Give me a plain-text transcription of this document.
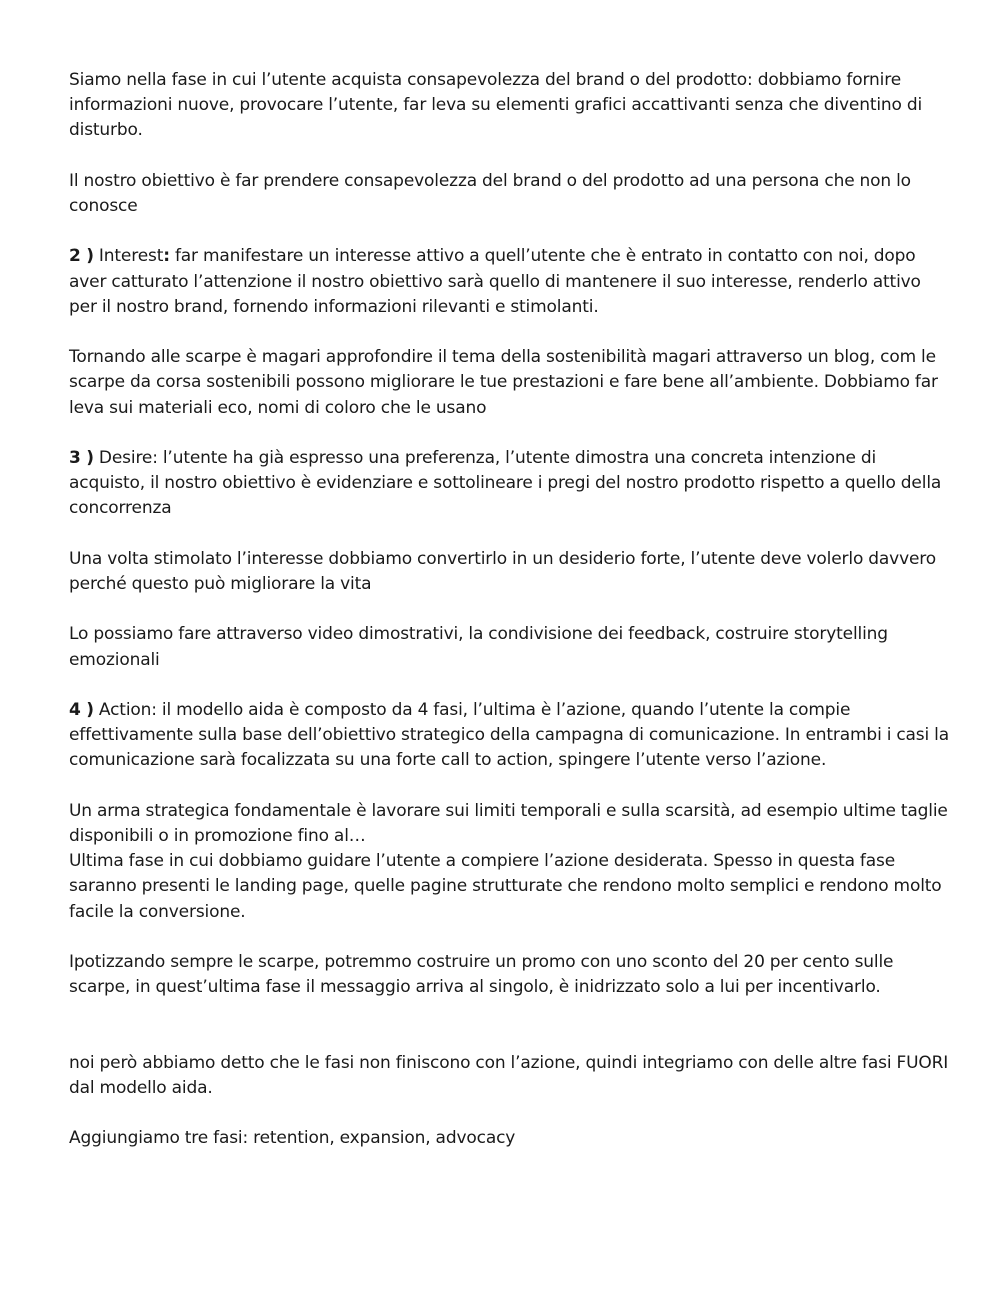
Siamo nella fase in cui l’utente acquista consapevolezza del brand o del prodotto: dobbiamo fornire informazioni nuove, provocare l’utente, far leva su elementi grafici accattivanti senza che diventino di disturbo.

Il nostro obiettivo è far prendere consapevolezza del brand o del prodotto ad una persona che non lo conosce

2 ) Interest: far manifestare un interesse attivo a quell’utente che è entrato in contatto con noi, dopo aver catturato l’attenzione il nostro obiettivo sarà quello di mantenere il suo interesse, renderlo attivo per il nostro brand, fornendo informazioni rilevanti e stimolanti.

Tornando alle scarpe è magari approfondire il tema della sostenibilità magari attraverso un blog, com le scarpe da corsa sostenibili possono migliorare le tue prestazioni e fare bene all’ambiente. Dobbiamo far leva sui materiali eco, nomi di coloro che le usano

3 ) Desire: l’utente ha già espresso una preferenza, l’utente dimostra una concreta intenzione di acquisto, il nostro obiettivo è evidenziare e sottolineare i pregi del nostro prodotto rispetto a quello della concorrenza

Una volta stimolato l’interesse dobbiamo convertirlo in un desiderio forte, l’utente deve volerlo davvero perché questo può migliorare la vita

Lo possiamo fare attraverso video dimostrativi, la condivisione dei feedback, costruire storytelling emozionali

4 ) Action: il modello aida è composto da 4 fasi, l’ultima è l’azione, quando l’utente la compie effettivamente sulla base dell’obiettivo strategico della campagna di comunicazione. In entrambi i casi la comunicazione sarà focalizzata su una forte call to action, spingere l’utente verso l’azione.

Un arma strategica fondamentale è lavorare sui limiti temporali e sulla scarsità, ad esempio ultime taglie disponibili o in promozione fino al…

Ultima fase in cui dobbiamo guidare l’utente a compiere l’azione desiderata. Spesso in questa fase saranno presenti le landing page, quelle pagine strutturate che rendono molto semplici e rendono molto facile la conversione.

Ipotizzando sempre le scarpe, potremmo costruire un promo con uno sconto del 20 per cento sulle scarpe, in quest’ultima fase il messaggio arriva al singolo, è inidrizzato solo a lui per incentivarlo.

noi però abbiamo detto che le fasi non finiscono con l’azione, quindi integriamo con delle altre fasi FUORI dal modello aida.

Aggiungiamo tre fasi: retention, expansion, advocacy
